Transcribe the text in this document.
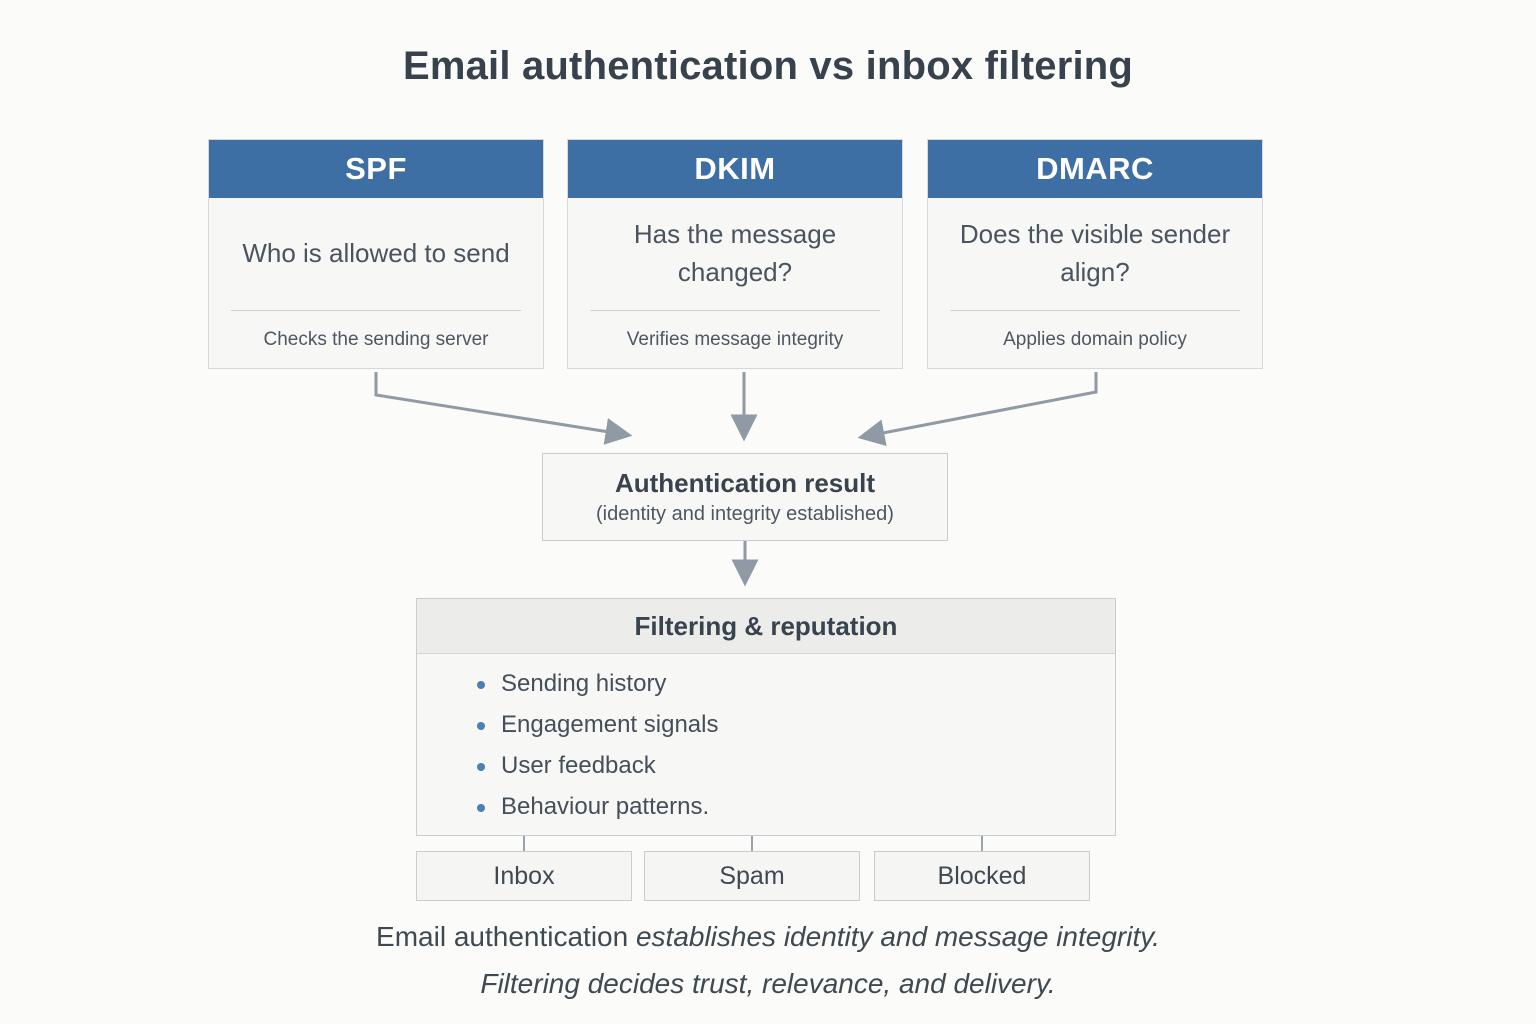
Email authentication vs inbox filtering
SPF
Who is allowed to send
Checks the sending server
DKIM
Has the message changed?
Verifies message integrity
DMARC
Does the visible sender align?
Applies domain policy
Authentication result
(identity and integrity established)
Filtering & reputation
Sending history
Engagement signals
User feedback
Behaviour patterns.
Inbox	Spam	Blocked
Email authentication establishes identity and message integrity.
Filtering decides trust, relevance, and delivery.
